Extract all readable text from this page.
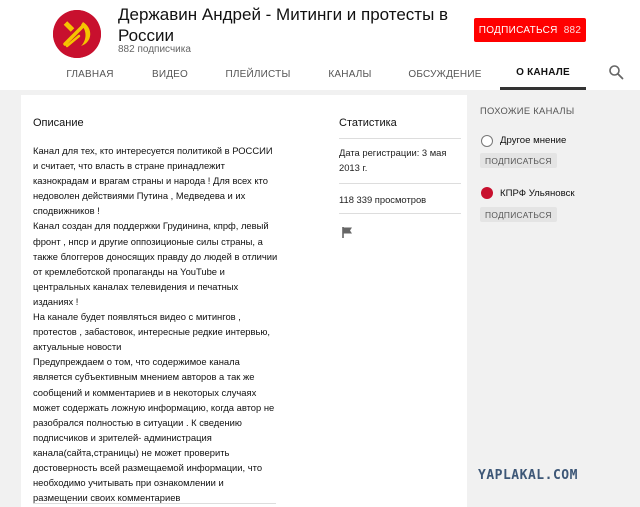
Державин Андрей - Митинги и протесты в России
882 подписчика
ПОДПИСАТЬСЯ 882
ГЛАВНАЯ	ВИДЕО	ПЛЕЙЛИСТЫ	КАНАЛЫ	ОБСУЖДЕНИЕ	О КАНАЛЕ
Описание
Канал для тех, кто интересуется политикой в РОССИИ и считает, что власть в стране принадлежит казнокрадам и врагам страны и народа ! Для всех кто недоволен действиями Путина , Медведева и их сподвижников !
Канал создан для поддержки Грудинина, кпрф, левый фронт , нпср и другие оппозиционые силы страны, а также блоггеров доносящих правду до людей в отличии от кремлеботской пропаганды на YouTube и центральных каналах телевидения и печатных изданиях !
На канале будет появляться видео с митингов , протестов , забастовок, интересные редкие интервью, актуальные новости
Предупреждаем о том, что содержимое канала является субъективным мнением авторов а так же сообщений и комментариев и в некоторых случаях может содержать ложную информацию, когда автор не разобрался полностью в ситуации . К сведению подписчиков и зрителей- администрация канала(сайта,страницы) не может проверить достоверность всей размещаемой информации, что необходимо учитывать при ознакомлении и размещении своих комментариев
Статистика
Дата регистрации: 3 мая 2013 г.
118 339 просмотров
ПОХОЖИЕ КАНАЛЫ
Другое мнение
ПОДПИСАТЬСЯ
КПРФ Ульяновск
ПОДПИСАТЬСЯ
YAPLAKAL.COM
